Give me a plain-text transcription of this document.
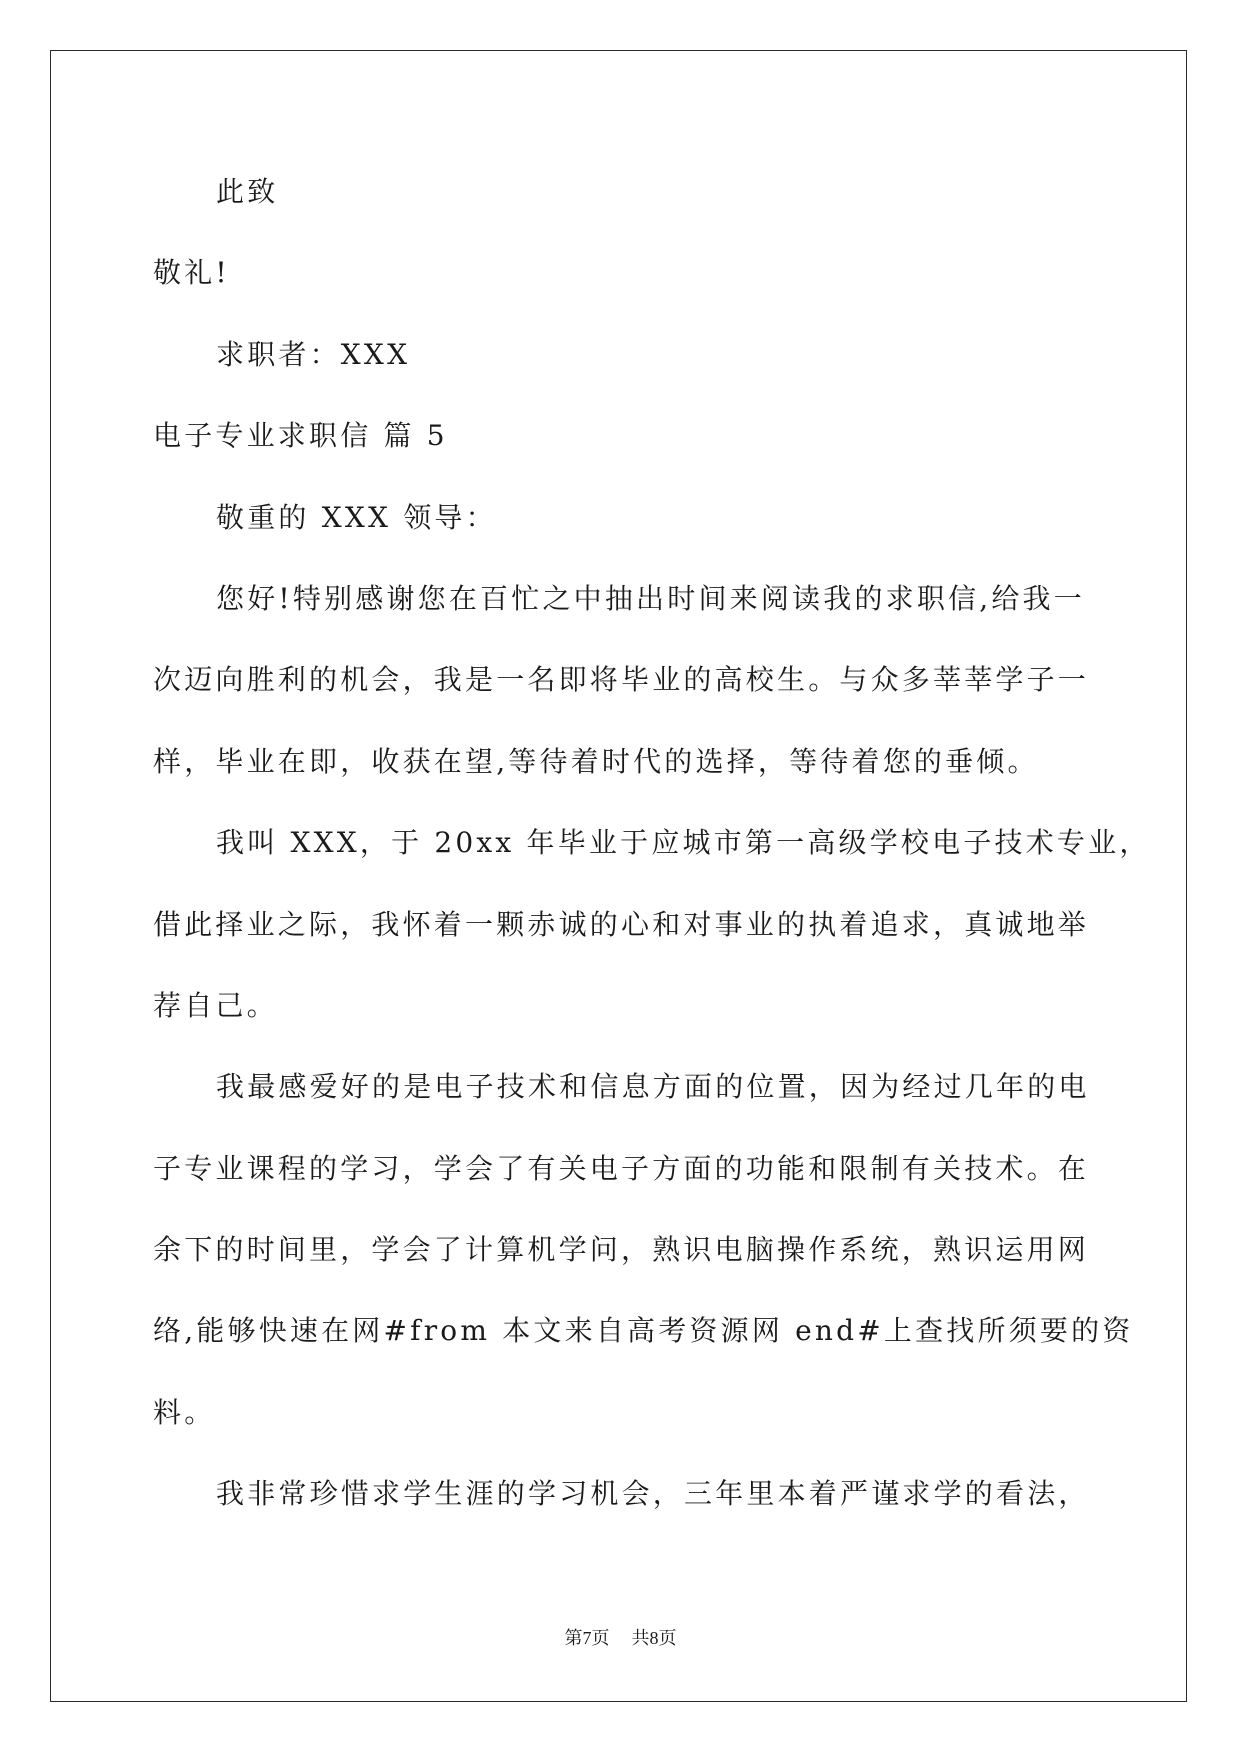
此致
敬礼!
求职者：XXX
电子专业求职信 篇 5
敬重的 XXX 领导：
您好!特别感谢您在百忙之中抽出时间来阅读我的求职信,给我一
次迈向胜利的机会，我是一名即将毕业的高校生。与众多莘莘学子一
样，毕业在即，收获在望,等待着时代的选择，等待着您的垂倾。
我叫 XXX，于 20xx 年毕业于应城市第一高级学校电子技术专业，
借此择业之际，我怀着一颗赤诚的心和对事业的执着追求，真诚地举
荐自己。
我最感爱好的是电子技术和信息方面的位置，因为经过几年的电
子专业课程的学习，学会了有关电子方面的功能和限制有关技术。在
余下的时间里，学会了计算机学问，熟识电脑操作系统，熟识运用网
络,能够快速在网#from 本文来自高考资源网 end#上查找所须要的资
料。
我非常珍惜求学生涯的学习机会，三年里本着严谨求学的看法，
第7页 共8页
